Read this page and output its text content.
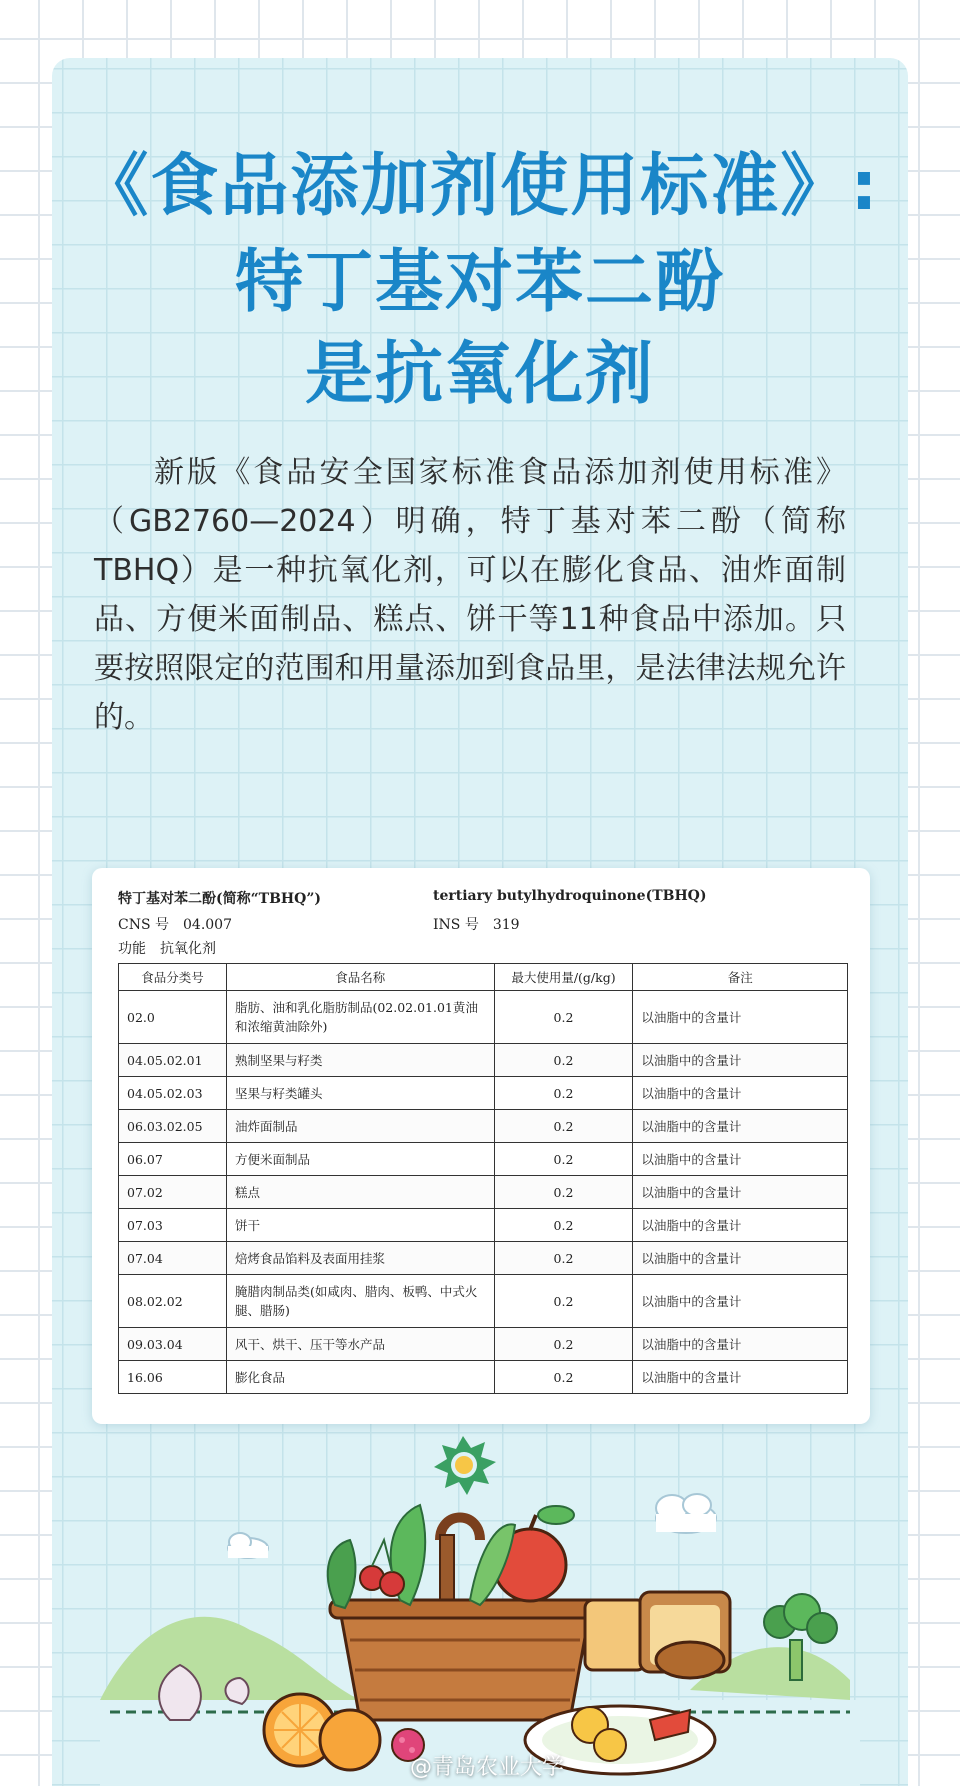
《食品添加剂使用标准》:
特丁基对苯二酚
是抗氧化剂
新版《食品安全国家标准食品添加剂使用标准》（GB2760—2024）明确，特丁基对苯二酚（简称TBHQ）是一种抗氧化剂，可以在膨化食品、油炸面制品、方便米面制品、糕点、饼干等11种食品中添加。只要按照限定的范围和用量添加到食品里，是法律法规允许的。
特丁基对苯二酚(简称“TBHQ”)	tertiary butylhydroquinone(TBHQ)
CNS 号　04.007	INS 号　319
功能　抗氧化剂
食品分类号	食品名称	最大使用量/(g/kg)	备注
02.0	脂肪、油和乳化脂肪制品(02.02.01.01黄油和浓缩黄油除外)	0.2	以油脂中的含量计
04.05.02.01	熟制坚果与籽类	0.2	以油脂中的含量计
04.05.02.03	坚果与籽类罐头	0.2	以油脂中的含量计
06.03.02.05	油炸面制品	0.2	以油脂中的含量计
06.07	方便米面制品	0.2	以油脂中的含量计
07.02	糕点	0.2	以油脂中的含量计
07.03	饼干	0.2	以油脂中的含量计
07.04	焙烤食品馅料及表面用挂浆	0.2	以油脂中的含量计
08.02.02	腌腊肉制品类(如咸肉、腊肉、板鸭、中式火腿、腊肠)	0.2	以油脂中的含量计
09.03.04	风干、烘干、压干等水产品	0.2	以油脂中的含量计
16.06	膨化食品	0.2	以油脂中的含量计
@青岛农业大学
